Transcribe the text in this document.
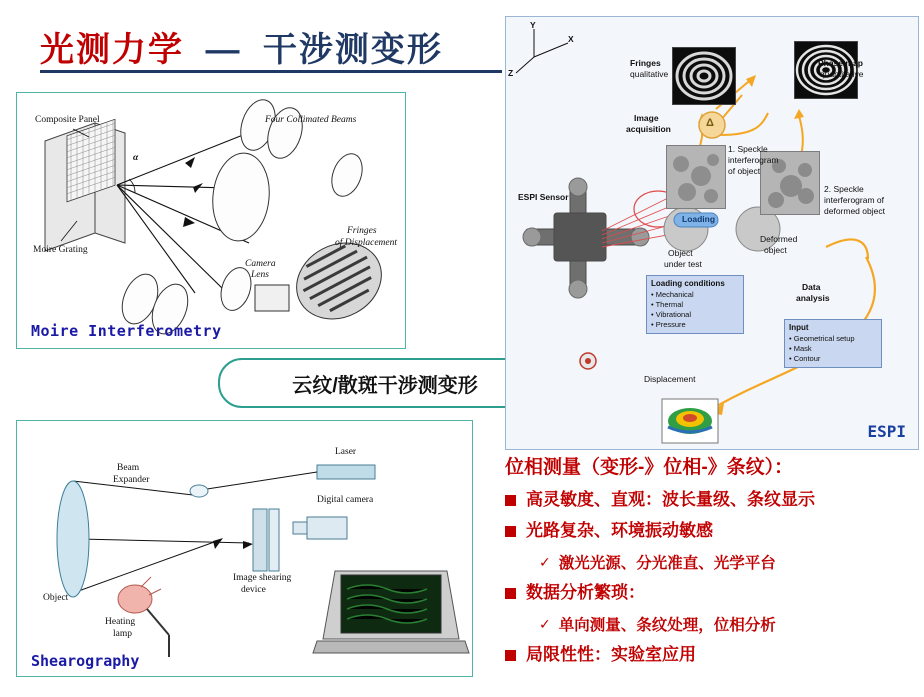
光测力学 — 干涉测变形
Composite Panel	Four Collimated Beams
Fringes
of Displacement
Moire Grating
Camera
Lens
α
Moire Interferometry
云纹/散斑干涉测变形
Beam
Expander
Laser
Digital camera
Image shearing
device
Object
Heating
lamp
Shearography
Y
X
Z
Fringes
qualitative
Phase map
quantitative
Image
acquisition	Δ
1. Speckle
interferogram
of object
2. Speckle
interferogram of
deformed object
ESPI Sensor
Loading
Object
under test
Deformed
object
Data
analysis
Displacement
Loading conditions
• Mechanical
• Thermal
• Vibrational
• Pressure	Input
• Geometrical setup
• Mask
• Contour
ESPI
位相测量（变形-》位相-》条纹）：
高灵敏度、直观：波长量级、条纹显示
光路复杂、环境振动敏感
✓ 激光光源、分光准直、光学平台
数据分析繁琐：
✓ 单向测量、条纹处理，位相分析
局限性性：实验室应用
